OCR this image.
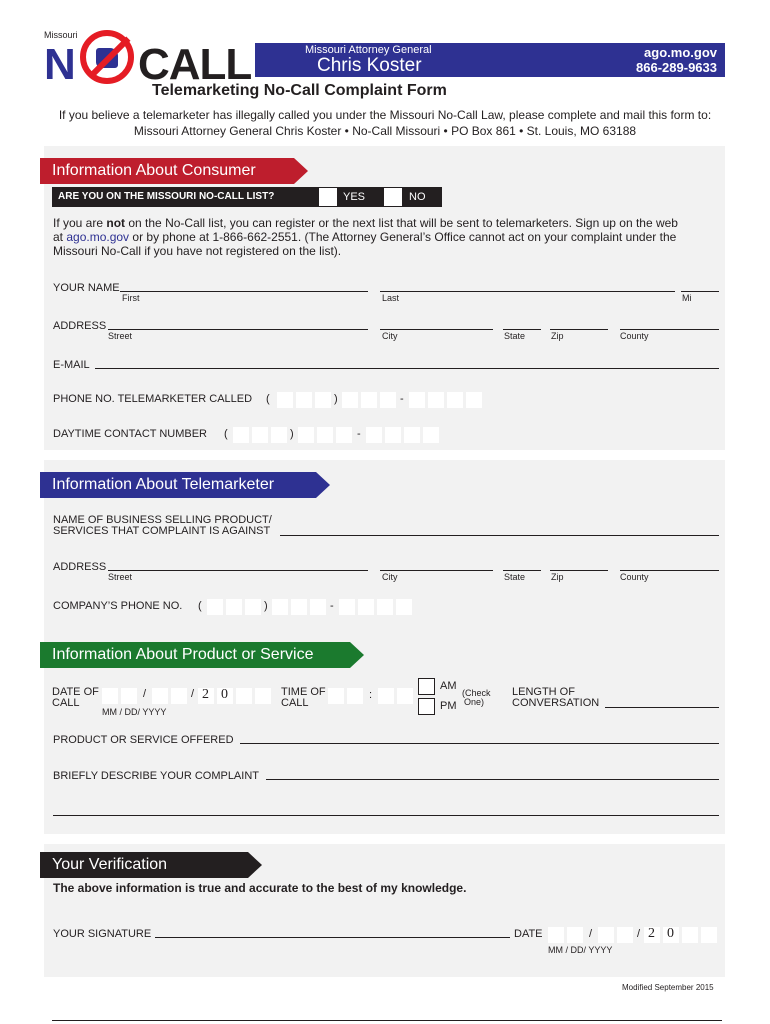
Missouri
N CALL	Missouri Attorney General
Chris Koster
ago.mo.gov
866-289-9633
Telemarketing No-Call Complaint Form
If you believe a telemarketer has illegally called you under the Missouri No-Call Law, please complete and mail this form to:
Missouri Attorney General Chris Koster • No-Call Missouri • PO Box 861 • St. Louis, MO 63188
Information About Consumer
ARE YOU ON THE MISSOURI NO-CALL LIST?	YES	NO
If you are not on the No-Call list, you can register or the next list that will be sent to telemarketers. Sign up on the web
at ago.mo.gov or by phone at 1-866-662-2551. (The Attorney General’s Office cannot act on your complaint under the
Missouri No-Call if you have not registered on the list).
YOUR NAME
First	Last	Mi
ADDRESS
Street	City	State	Zip	County
E-MAIL
PHONE NO. TELEMARKETER CALLED (	)	-
DAYTIME CONTACT NUMBER (	)	-
Information About Telemarketer
NAME OF BUSINESS SELLING PRODUCT/
SERVICES THAT COMPLAINT IS AGAINST
ADDRESS
Street	City	State	Zip	County
COMPANY’S PHONE NO. (	)	-
Information About Product or Service
DATE OF
CALL
/	/ 2 0
MM / DD/ YYYY
TIME OF
CALL
:
AM
PM
(Check
One)
LENGTH OF
CONVERSATION
PRODUCT OR SERVICE OFFERED
BRIEFLY DESCRIBE YOUR COMPLAINT
Your Verification
The above information is true and accurate to the best of my knowledge.
YOUR SIGNATURE	DATE	/	/ 2 0
MM / DD/ YYYY
Modified September 2015
